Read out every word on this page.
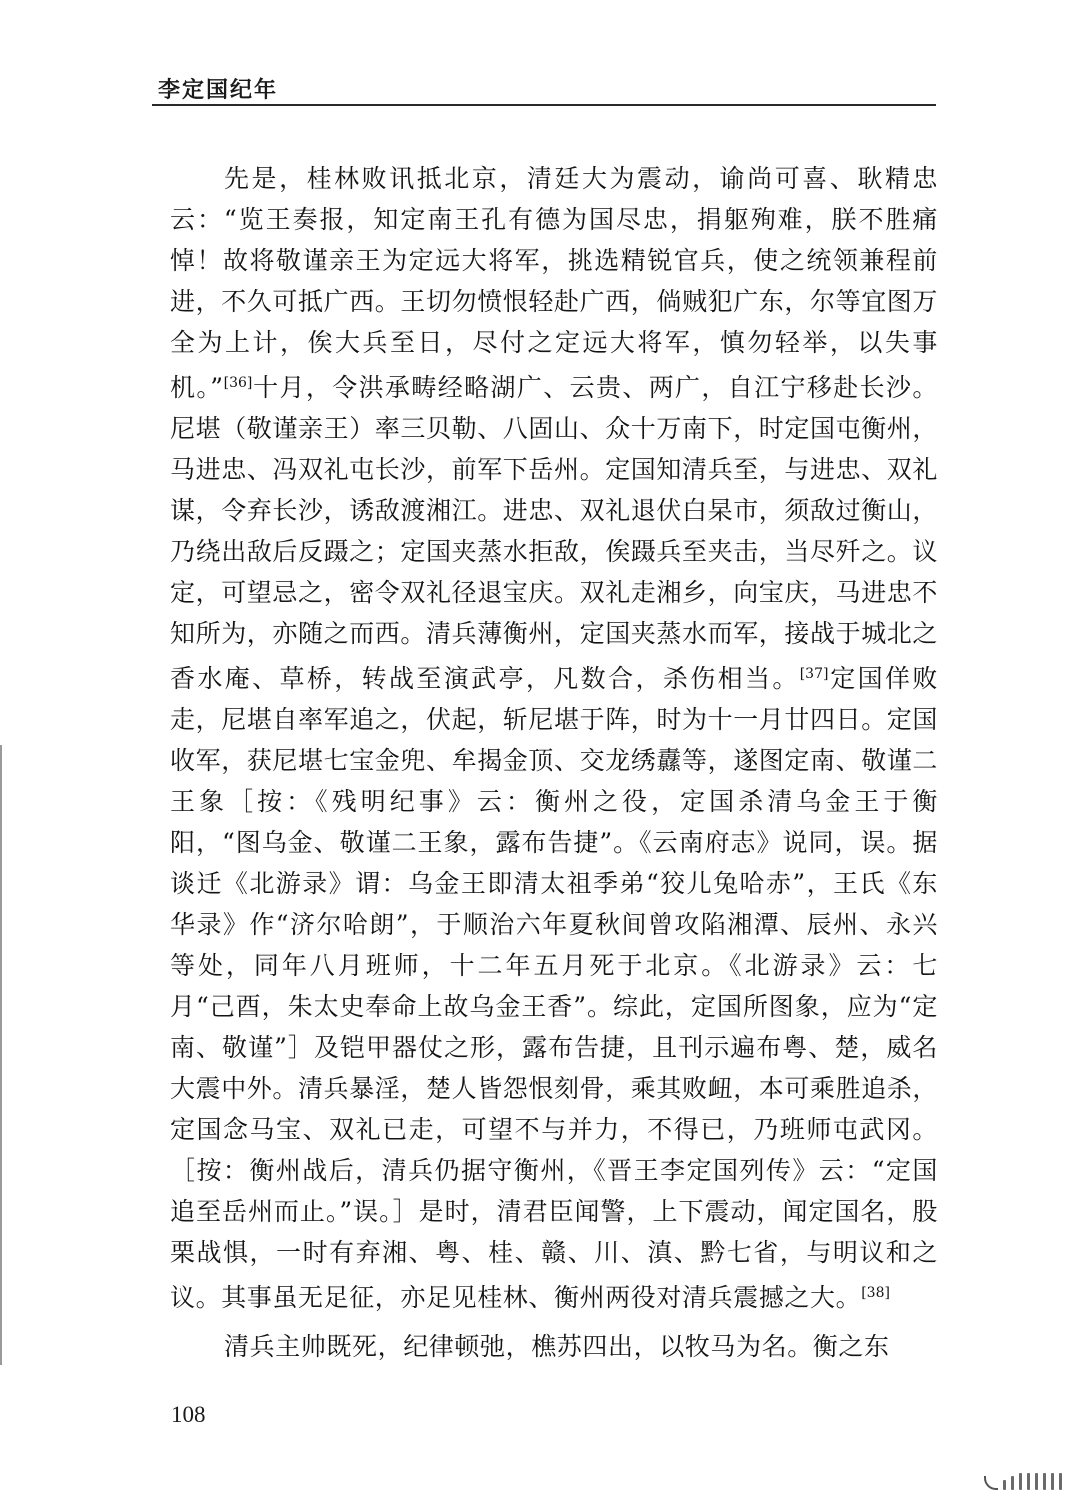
李定国纪年

先是，桂林败讯抵北京，清廷大为震动，谕尚可喜、耿精忠云：“览王奏报，知定南王孔有德为国尽忠，捐躯殉难，朕不胜痛悼！故将敬谨亲王为定远大将军，挑选精锐官兵，使之统领兼程前进，不久可抵广西。王切勿愤恨轻赴广西，倘贼犯广东，尔等宜图万全为上计，俟大兵至日，尽付之定远大将军，慎勿轻举，以失事机。”[36]十月，令洪承畴经略湖广、云贵、两广，自江宁移赴长沙。尼堪（敬谨亲王）率三贝勒、八固山、众十万南下，时定国屯衡州，马进忠、冯双礼屯长沙，前军下岳州。定国知清兵至，与进忠、双礼谋，令弃长沙，诱敌渡湘江。进忠、双礼退伏白杲市，须敌过衡山，乃绕出敌后反蹑之；定国夹蒸水拒敌，俟蹑兵至夹击，当尽歼之。议定，可望忌之，密令双礼径退宝庆。双礼走湘乡，向宝庆，马进忠不知所为，亦随之而西。清兵薄衡州，定国夹蒸水而军，接战于城北之香水庵、草桥，转战至演武亭，凡数合，杀伤相当。[37]定国佯败走，尼堪自率军追之，伏起，斩尼堪于阵，时为十一月廿四日。定国收军，获尼堪七宝金兜、牟揭金顶、交龙绣纛等，遂图定南、敬谨二王象［按：《残明纪事》云：衡州之役，定国杀清乌金王于衡阳，“图乌金、敬谨二王象，露布告捷”。《云南府志》说同，误。据谈迁《北游录》谓：乌金王即清太祖季弟“狡儿兔哈赤”，王氏《东华录》作“济尔哈朗”，于顺治六年夏秋间曾攻陷湘潭、辰州、永兴等处，同年八月班师，十二年五月死于北京。《北游录》云：七月“己酉，朱太史奉命上故乌金王香”。综此，定国所图象，应为“定南、敬谨”］及铠甲器仗之形，露布告捷，且刊示遍布粤、楚，威名大震中外。清兵暴淫，楚人皆怨恨刻骨，乘其败衄，本可乘胜追杀，定国念马宝、双礼已走，可望不与并力，不得已，乃班师屯武冈。［按：衡州战后，清兵仍据守衡州，《晋王李定国列传》云：“定国追至岳州而止。”误。］是时，清君臣闻警，上下震动，闻定国名，股栗战惧，一时有弃湘、粤、桂、赣、川、滇、黔七省，与明议和之议。其事虽无足征，亦足见桂林、衡州两役对清兵震撼之大。[38]

清兵主帅既死，纪律顿弛，樵苏四出，以牧马为名。衡之东

108
